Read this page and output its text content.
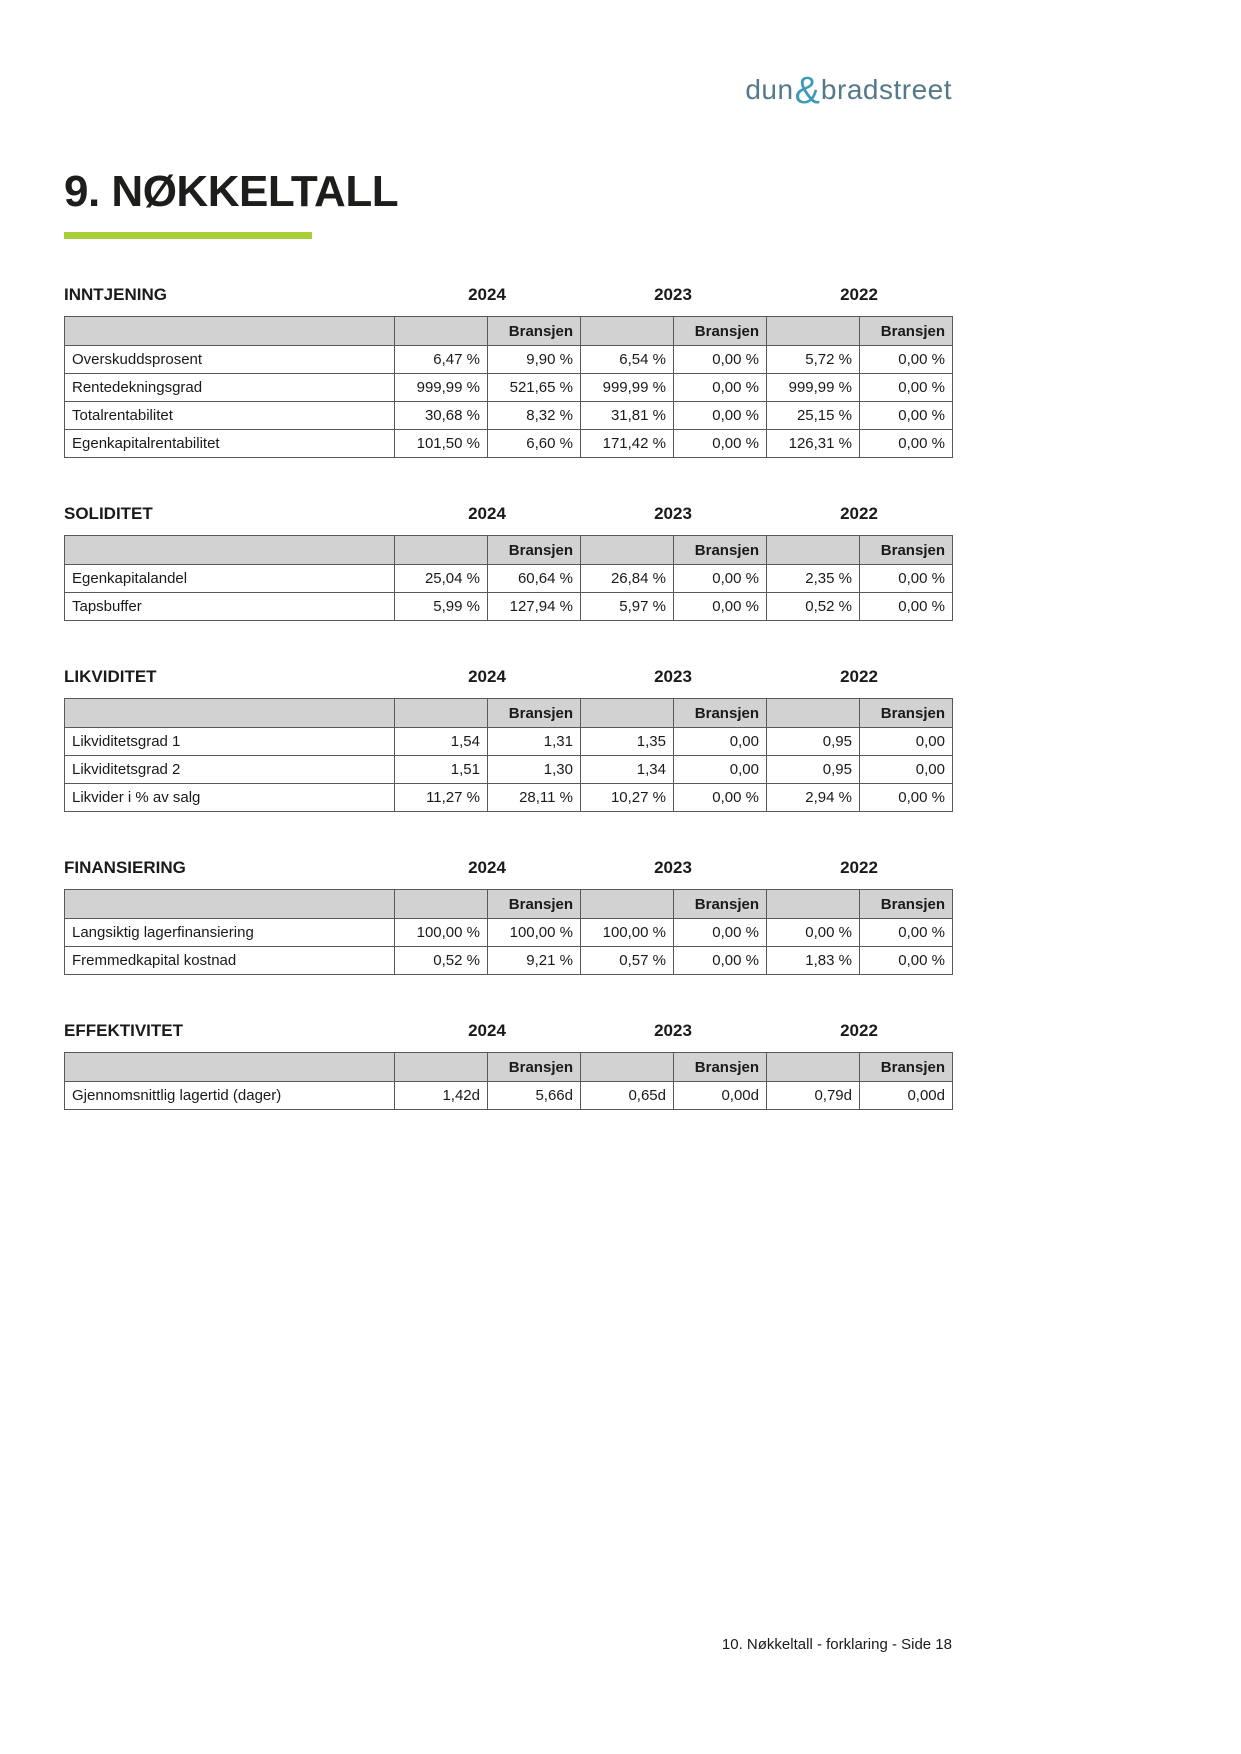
dun&bradstreet
9. NØKKELTALL
INNTJENING	2024	2023	2022
		Bransjen		Bransjen		Bransjen
Overskuddsprosent	6,47 %	9,90 %	6,54 %	0,00 %	5,72 %	0,00 %
Rentedekningsgrad	999,99 %	521,65 %	999,99 %	0,00 %	999,99 %	0,00 %
Totalrentabilitet	30,68 %	8,32 %	31,81 %	0,00 %	25,15 %	0,00 %
Egenkapitalrentabilitet	101,50 %	6,60 %	171,42 %	0,00 %	126,31 %	0,00 %
SOLIDITET	2024	2023	2022
		Bransjen		Bransjen		Bransjen
Egenkapitalandel	25,04 %	60,64 %	26,84 %	0,00 %	2,35 %	0,00 %
Tapsbuffer	5,99 %	127,94 %	5,97 %	0,00 %	0,52 %	0,00 %
LIKVIDITET	2024	2023	2022
		Bransjen		Bransjen		Bransjen
Likviditetsgrad 1	1,54	1,31	1,35	0,00	0,95	0,00
Likviditetsgrad 2	1,51	1,30	1,34	0,00	0,95	0,00
Likvider i % av salg	11,27 %	28,11 %	10,27 %	0,00 %	2,94 %	0,00 %
FINANSIERING	2024	2023	2022
		Bransjen		Bransjen		Bransjen
Langsiktig lagerfinansiering	100,00 %	100,00 %	100,00 %	0,00 %	0,00 %	0,00 %
Fremmedkapital kostnad	0,52 %	9,21 %	0,57 %	0,00 %	1,83 %	0,00 %
EFFEKTIVITET	2024	2023	2022
		Bransjen		Bransjen		Bransjen
Gjennomsnittlig lagertid (dager)	1,42d	5,66d	0,65d	0,00d	0,79d	0,00d
10. Nøkkeltall - forklaring - Side 18
